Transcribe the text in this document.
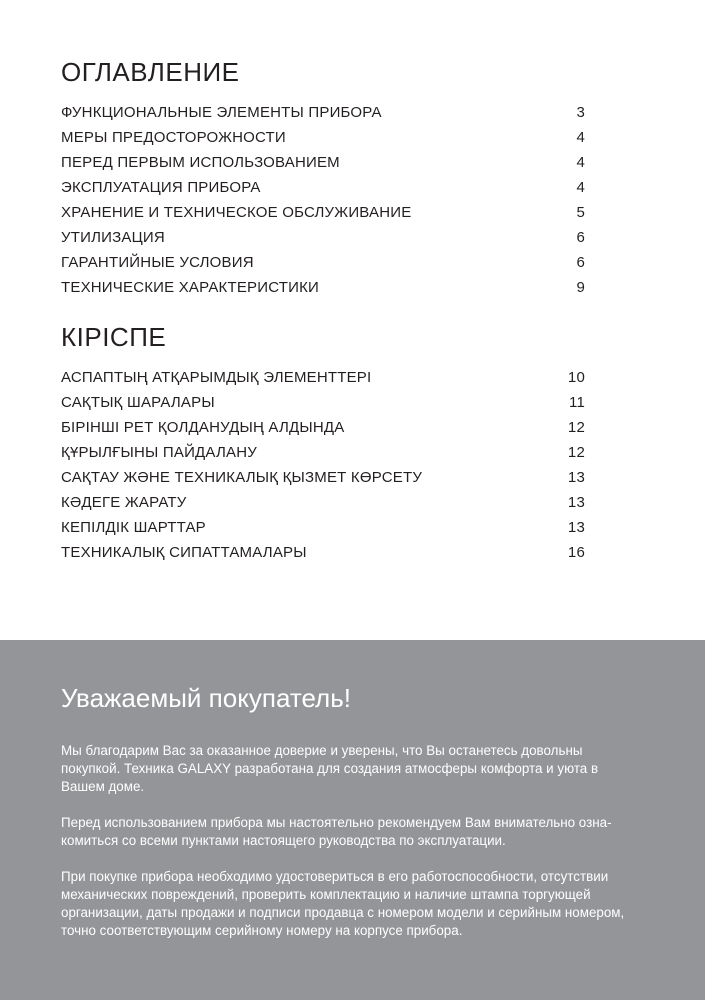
ОГЛАВЛЕНИЕ
ФУНКЦИОНАЛЬНЫЕ ЭЛЕМЕНТЫ ПРИБОРА	3
МЕРЫ ПРЕДОСТОРОЖНОСТИ	4
ПЕРЕД ПЕРВЫМ ИСПОЛЬЗОВАНИЕМ	4
ЭКСПЛУАТАЦИЯ ПРИБОРА	4
ХРАНЕНИЕ И ТЕХНИЧЕСКОЕ ОБСЛУЖИВАНИЕ	5
УТИЛИЗАЦИЯ	6
ГАРАНТИЙНЫЕ УСЛОВИЯ	6
ТЕХНИЧЕСКИЕ ХАРАКТЕРИСТИКИ	9
КІРІСПЕ
АСПАПТЫҢ АТҚАРЫМДЫҚ ЭЛЕМЕНТТЕРІ	10
САҚТЫҚ ШАРАЛАРЫ	11
БІРІНШІ РЕТ ҚОЛДАНУДЫҢ АЛДЫНДА	12
ҚҰРЫЛҒЫНЫ ПАЙДАЛАНУ	12
САҚТАУ ЖӘНЕ ТЕХНИКАЛЫҚ ҚЫЗМЕТ КӨРСЕТУ	13
КӘДЕГЕ ЖАРАТУ	13
КЕПІЛДІК ШАРТТАР	13
ТЕХНИКАЛЫҚ СИПАТТАМАЛАРЫ	16
Уважаемый покупатель!

Мы благодарим Вас за оказанное доверие и уверены, что Вы останетесь довольны
покупкой. Техника GALAXY разработана для создания атмосферы комфорта и уюта в
Вашем доме.

Перед использованием прибора мы настоятельно рекомендуем Вам внимательно озна-
комиться со всеми пунктами настоящего руководства по эксплуатации.

При покупке прибора необходимо удостовериться в его работоспособности, отсутствии
механических повреждений, проверить комплектацию и наличие штампа торгующей
организации, даты продажи и подписи продавца с номером модели и серийным номером,
точно соответствующим серийному номеру на корпусе прибора.
